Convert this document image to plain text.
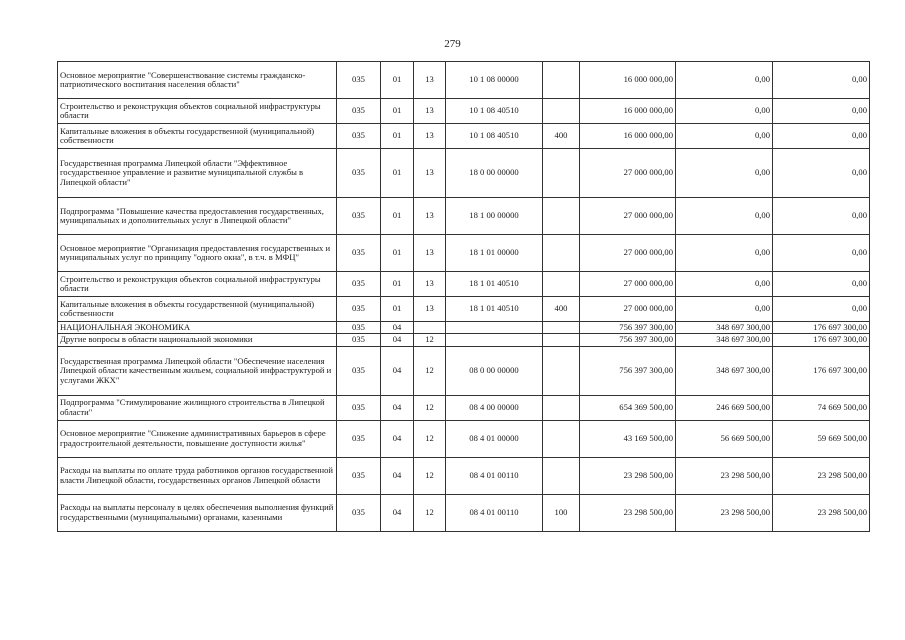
279
Основное мероприятие "Совершенствование системы гражданско-патриотического воспитания населения области"	035	01	13	10 1 08 00000		16 000 000,00	0,00	0,00
Строительство и реконструкция объектов социальной инфраструктуры области	035	01	13	10 1 08 40510		16 000 000,00	0,00	0,00
Капитальные вложения в объекты государственной (муниципальной) собственности	035	01	13	10 1 08 40510	400	16 000 000,00	0,00	0,00
Государственная программа Липецкой области "Эффективное государственное управление и развитие муниципальной службы в Липецкой области"	035	01	13	18 0 00 00000		27 000 000,00	0,00	0,00
Подпрограмма "Повышение качества предоставления государственных, муниципальных и дополнительных услуг в Липецкой области"	035	01	13	18 1 00 00000		27 000 000,00	0,00	0,00
Основное мероприятие "Организация предоставления государственных и муниципальных услуг по принципу "одного окна", в т.ч. в МФЦ"	035	01	13	18 1 01 00000		27 000 000,00	0,00	0,00
Строительство и реконструкция объектов социальной инфраструктуры области	035	01	13	18 1 01 40510		27 000 000,00	0,00	0,00
Капитальные вложения в объекты государственной (муниципальной) собственности	035	01	13	18 1 01 40510	400	27 000 000,00	0,00	0,00
НАЦИОНАЛЬНАЯ ЭКОНОМИКА	035	04				756 397 300,00	348 697 300,00	176 697 300,00
Другие вопросы в области национальной экономики	035	04	12			756 397 300,00	348 697 300,00	176 697 300,00
Государственная программа Липецкой области "Обеспечение населения Липецкой области качественным жильем, социальной инфраструктурой и услугами ЖКХ"	035	04	12	08 0 00 00000		756 397 300,00	348 697 300,00	176 697 300,00
Подпрограмма "Стимулирование жилищного строительства в Липецкой области"	035	04	12	08 4 00 00000		654 369 500,00	246 669 500,00	74 669 500,00
Основное мероприятие "Снижение административных барьеров в сфере градостроительной деятельности, повышение доступности жилья"	035	04	12	08 4 01 00000		43 169 500,00	56 669 500,00	59 669 500,00
Расходы на выплаты по оплате труда работников органов государственной власти Липецкой области, государственных органов Липецкой области	035	04	12	08 4 01 00110		23 298 500,00	23 298 500,00	23 298 500,00
Расходы на выплаты персоналу в целях обеспечения выполнения функций государственными (муниципальными) органами, казенными	035	04	12	08 4 01 00110	100	23 298 500,00	23 298 500,00	23 298 500,00
